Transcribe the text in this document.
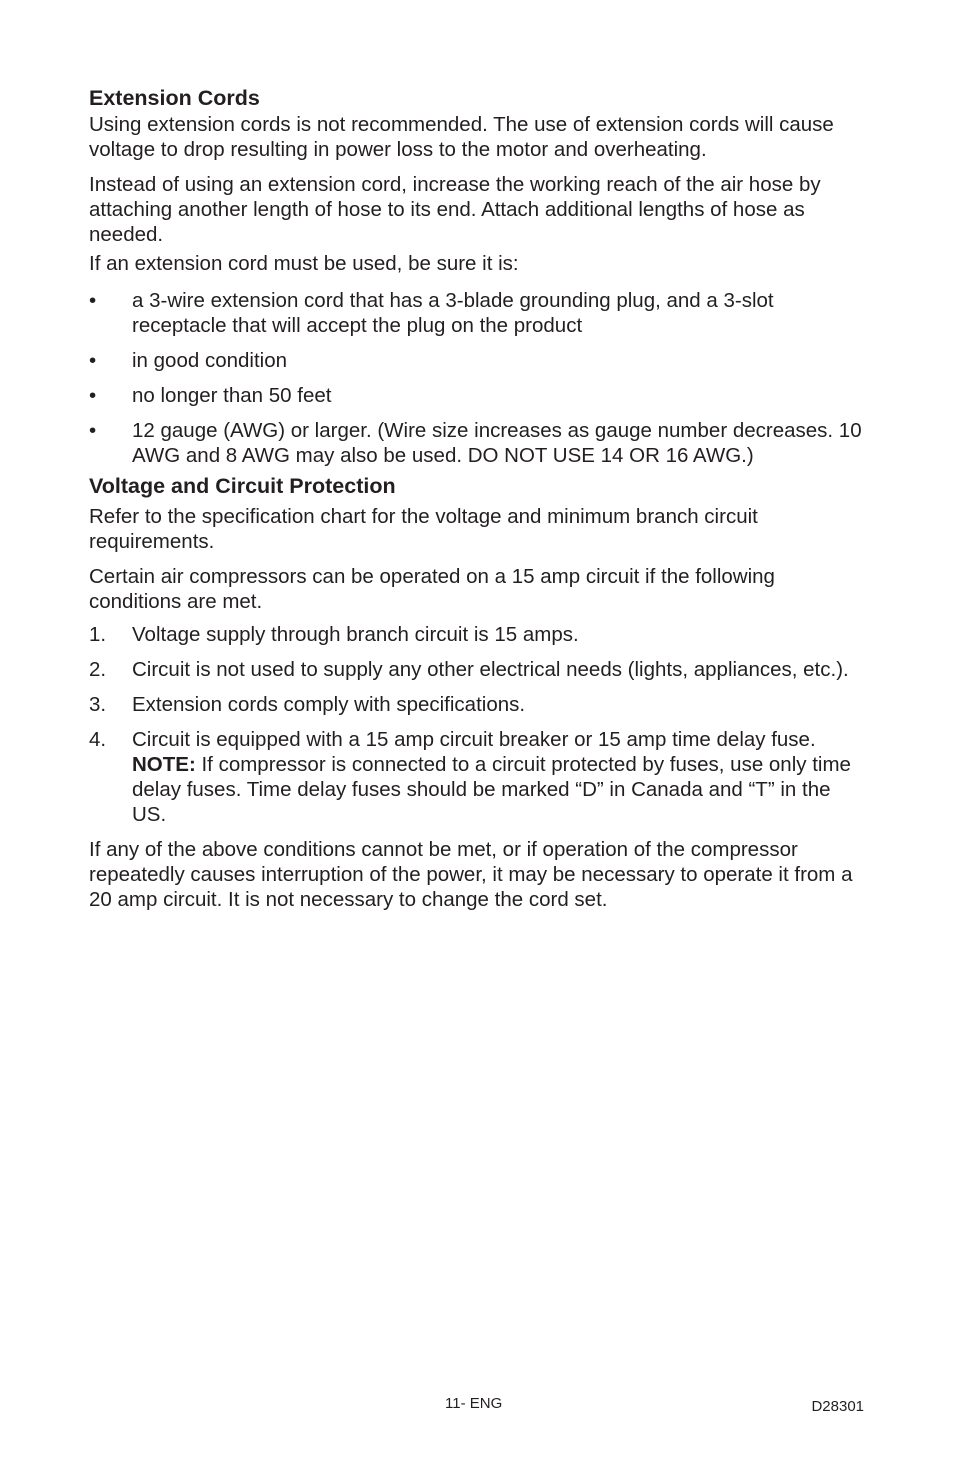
Extension Cords

Using extension cords is not recommended. The use of extension cords will cause voltage to drop resulting in power loss to the motor and overheating.

Instead of using an extension cord, increase the working reach of the air hose by attaching another length of hose to its end. Attach additional lengths of hose as needed.

If an extension cord must be used, be sure it is:

• a 3-wire extension cord that has a 3-blade grounding plug, and a 3-slot receptacle that will accept the plug on the product
• in good condition
• no longer than 50 feet
• 12 gauge (AWG) or larger. (Wire size increases as gauge number decreases. 10 AWG and 8 AWG may also be used. DO NOT USE 14 OR 16 AWG.)
Voltage and Circuit Protection

Refer to the specification chart for the voltage and minimum branch circuit requirements.

Certain air compressors can be operated on a 15 amp circuit if the following conditions are met.

1. Voltage supply through branch circuit is 15 amps.
2. Circuit is not used to supply any other electrical needs (lights, appliances, etc.).
3. Extension cords comply with specifications.
4. Circuit is equipped with a 15 amp circuit breaker or 15 amp time delay fuse. NOTE: If compressor is connected to a circuit protected by fuses, use only time delay fuses. Time delay fuses should be marked “D” in Canada and “T” in the US.

If any of the above conditions cannot be met, or if operation of the compressor repeatedly causes interruption of the power, it may be necessary to operate it from a 20 amp circuit. It is not necessary to change the cord set.

11- ENG	D28301
